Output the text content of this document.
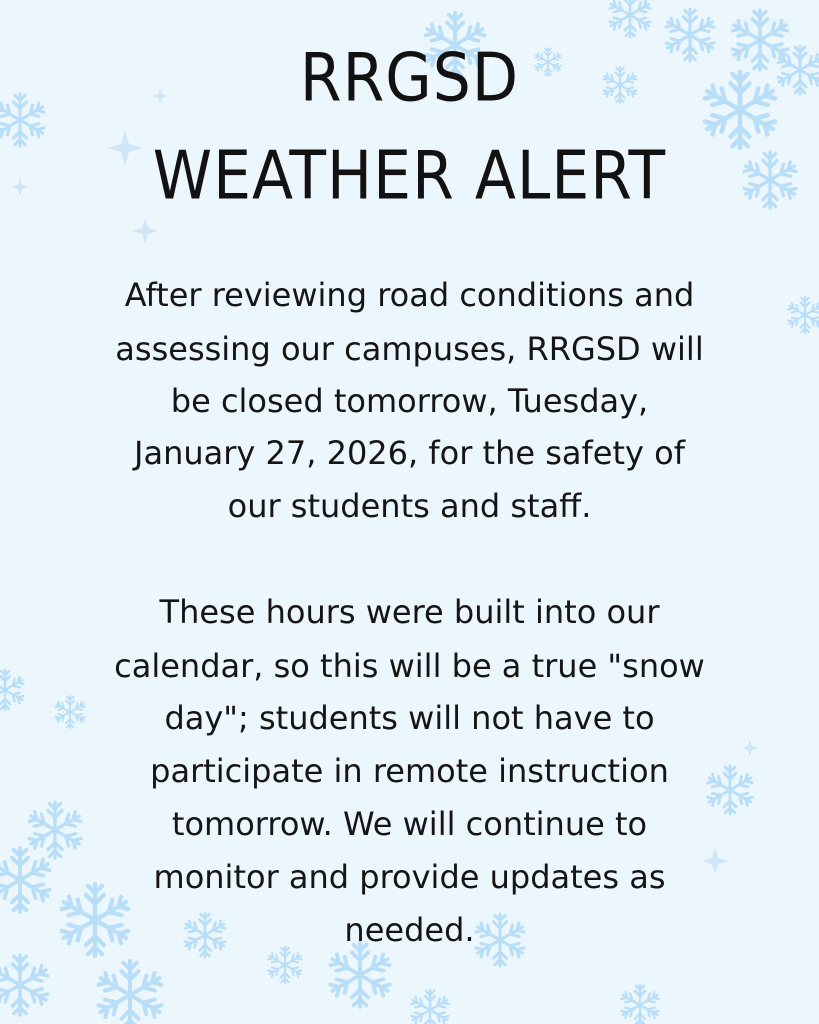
RRGSD
WEATHER ALERT

After reviewing road conditions and

assessing our campuses, RRGSD will

be closed tomorrow, Tuesday,

January 27, 2026, for the safety of

our students and staff.

These hours were built into our

calendar, so this will be a true "snow

day"; students will not have to

participate in remote instruction

tomorrow. We will continue to

monitor and provide updates as

needed.
